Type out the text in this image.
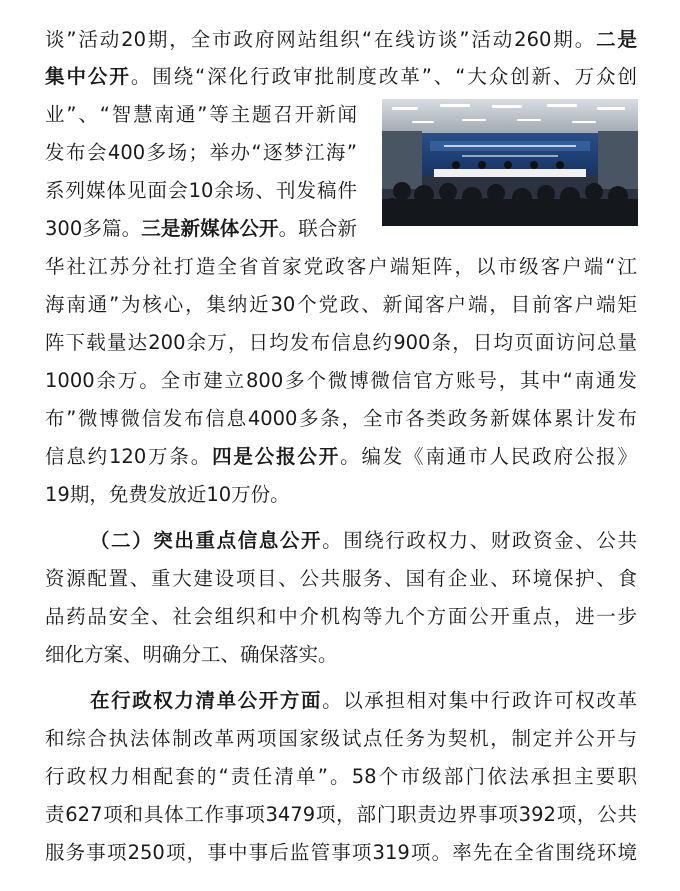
谈”活动20期，全市政府网站组织“在线访谈”活动260期。二是
集中公开。围绕“深化行政审批制度改革”、“大众创新、万众创
业”、“智慧南通”等主题召开新闻
发布会400多场；举办“逐梦江海”
系列媒体见面会10余场、刊发稿件
300多篇。三是新媒体公开。联合新
华社江苏分社打造全省首家党政客户端矩阵，以市级客户端“江
海南通”为核心，集纳近30个党政、新闻客户端，目前客户端矩
阵下载量达200余万，日均发布信息约900条，日均页面访问总量
1000余万。全市建立800多个微博微信官方账号，其中“南通发
布”微博微信发布信息4000多条，全市各类政务新媒体累计发布
信息约120万条。四是公报公开。编发《南通市人民政府公报》
19期，免费发放近10万份。
（二）突出重点信息公开。围绕行政权力、财政资金、公共
资源配置、重大建设项目、公共服务、国有企业、环境保护、食
品药品安全、社会组织和中介机构等九个方面公开重点，进一步
细化方案、明确分工、确保落实。
在行政权力清单公开方面。以承担相对集中行政许可权改革
和综合执法体制改革两项国家级试点任务为契机，制定并公开与
行政权力相配套的“责任清单”。58个市级部门依法承担主要职
责627项和具体工作事项3479项，部门职责边界事项392项，公共
服务事项250项，事中事后监管事项319项。率先在全省围绕环境
